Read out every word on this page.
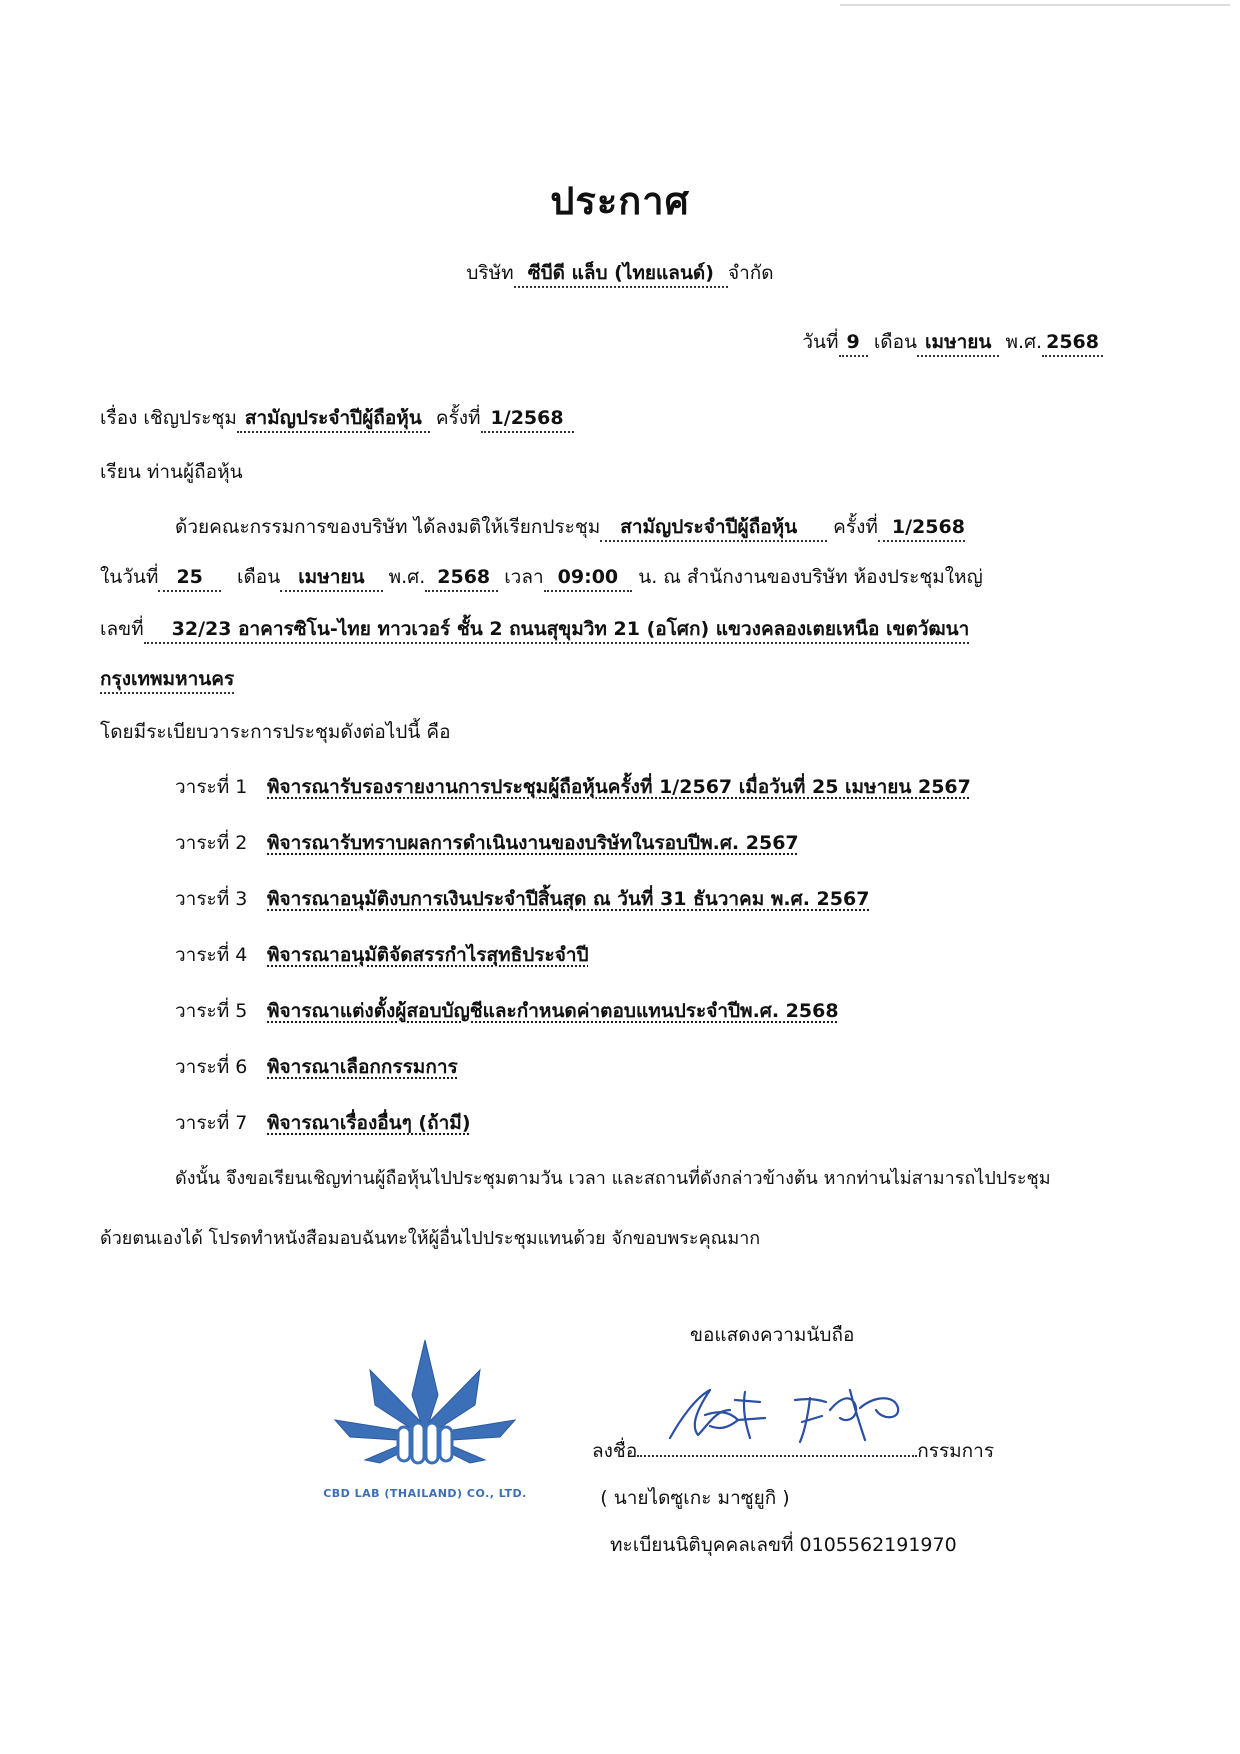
ประกาศ
บริษัท ซีบีดี แล็บ (ไทยแลนด์) จำกัด
วันที่ 9 เดือน เมษายน พ.ศ. 2568
เรื่อง เชิญประชุม สามัญประจำปีผู้ถือหุ้น ครั้งที่ 1/2568
เรียน ท่านผู้ถือหุ้น
ด้วยคณะกรรมการของบริษัท ได้ลงมติให้เรียกประชุม สามัญประจำปีผู้ถือหุ้น ครั้งที่ 1/2568
ในวันที่ 25 เดือน เมษายน พ.ศ. 2568 เวลา 09:00 น. ณ สำนักงานของบริษัท ห้องประชุมใหญ่
เลขที่ 32/23 อาคารซิโน-ไทย ทาวเวอร์ ชั้น 2 ถนนสุขุมวิท 21 (อโศก) แขวงคลองเตยเหนือ เขตวัฒนา
กรุงเทพมหานคร
โดยมีระเบียบวาระการประชุมดังต่อไปนี้ คือ
วาระที่ 1 พิจารณารับรองรายงานการประชุมผู้ถือหุ้นครั้งที่ 1/2567 เมื่อวันที่ 25 เมษายน 2567
วาระที่ 2 พิจารณารับทราบผลการดำเนินงานของบริษัทในรอบปีพ.ศ. 2567
วาระที่ 3 พิจารณาอนุมัติงบการเงินประจำปีสิ้นสุด ณ วันที่ 31 ธันวาคม พ.ศ. 2567
วาระที่ 4 พิจารณาอนุมัติจัดสรรกำไรสุทธิประจำปี
วาระที่ 5 พิจารณาแต่งตั้งผู้สอบบัญชีและกำหนดค่าตอบแทนประจำปีพ.ศ. 2568
วาระที่ 6 พิจารณาเลือกกรรมการ
วาระที่ 7 พิจารณาเรื่องอื่นๆ (ถ้ามี)
ดังนั้น จึงขอเรียนเชิญท่านผู้ถือหุ้นไปประชุมตามวัน เวลา และสถานที่ดังกล่าวข้างต้น หากท่านไม่สามารถไปประชุม
ด้วยตนเองได้ โปรดทำหนังสือมอบฉันทะให้ผู้อื่นไปประชุมแทนด้วย จักขอบพระคุณมาก
ขอแสดงความนับถือ
CBD LAB (THAILAND) CO., LTD.
ลงชื่อ	กรรมการ
( นายไดซูเกะ มาซูยูกิ )
ทะเบียนนิติบุคคลเลขที่ 0105562191970
